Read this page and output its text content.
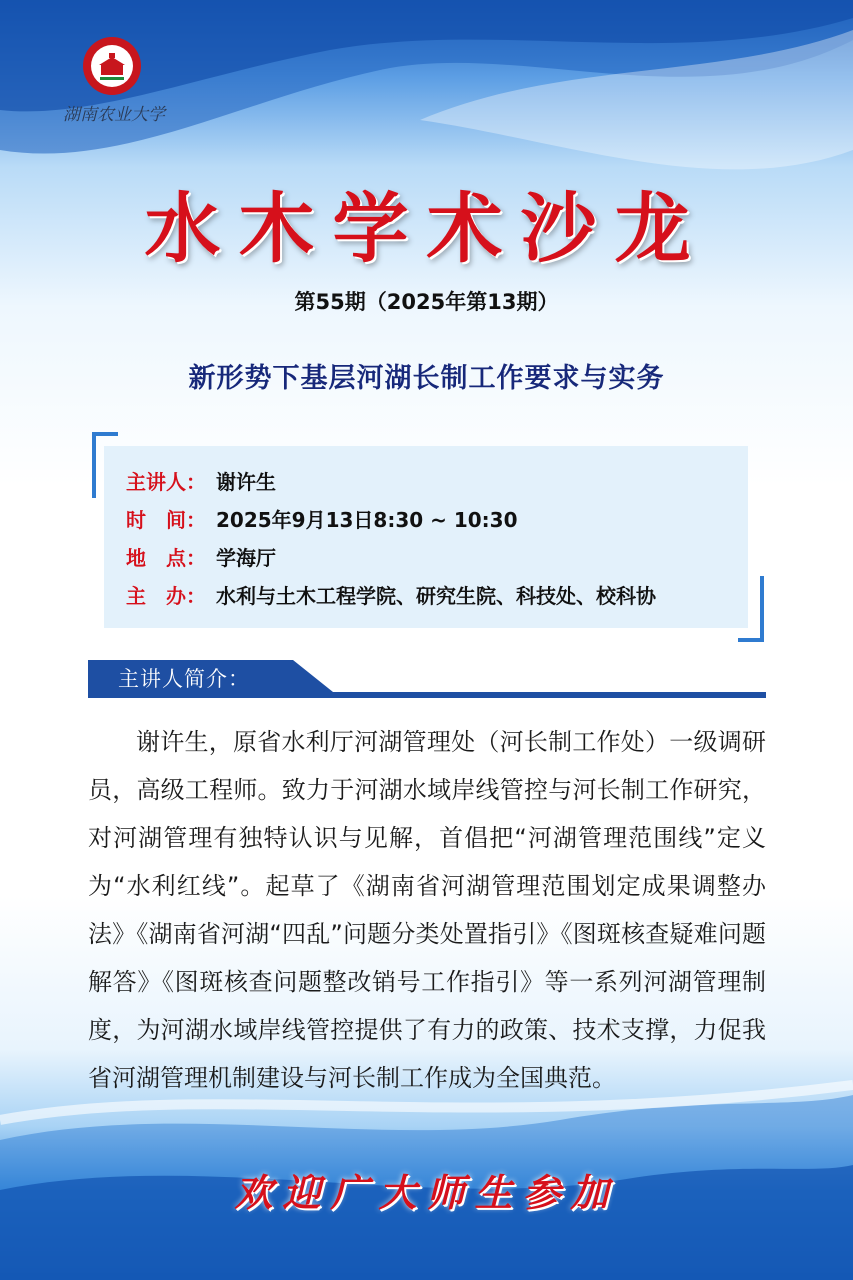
湖南农业大学
水木学术沙龙
第55期（2025年第13期）
新形势下基层河湖长制工作要求与实务
主讲人： 谢许生
时　间： 2025年9月13日8:30 ~ 10:30
地　点： 学海厅
主　办： 水利与土木工程学院、研究生院、科技处、校科协
主讲人简介：

谢许生，原省水利厅河湖管理处（河长制工作处）一级调研员，高级工程师。致力于河湖水域岸线管控与河长制工作研究，对河湖管理有独特认识与见解，首倡把“河湖管理范围线”定义为“水利红线”。起草了《湖南省河湖管理范围划定成果调整办法》《湖南省河湖“四乱”问题分类处置指引》《图斑核查疑难问题解答》《图斑核查问题整改销号工作指引》等一系列河湖管理制度，为河湖水域岸线管控提供了有力的政策、技术支撑，力促我省河湖管理机制建设与河长制工作成为全国典范。

欢迎广大师生参加
